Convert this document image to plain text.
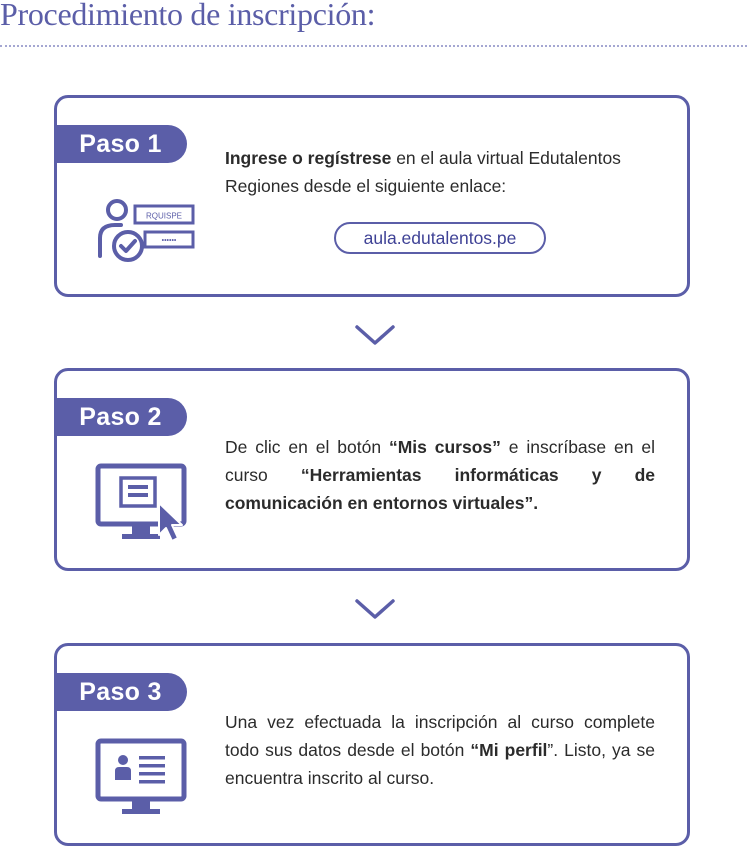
Procedimiento de inscripción:
Paso 1
RQUISPE
••••••
Ingrese o regístrese en el aula virtual Edutalentos Regiones desde el siguiente enlace:
aula.edutalentos.pe
Paso 2
De clic en el botón “Mis cursos” e inscríbase en el curso “Herramientas informáticas y de comunicación en entornos virtuales”.
Paso 3
Una vez efectuada la inscripción al curso complete todo sus datos desde el botón “Mi perfil”. Listo, ya se encuentra inscrito al curso.
